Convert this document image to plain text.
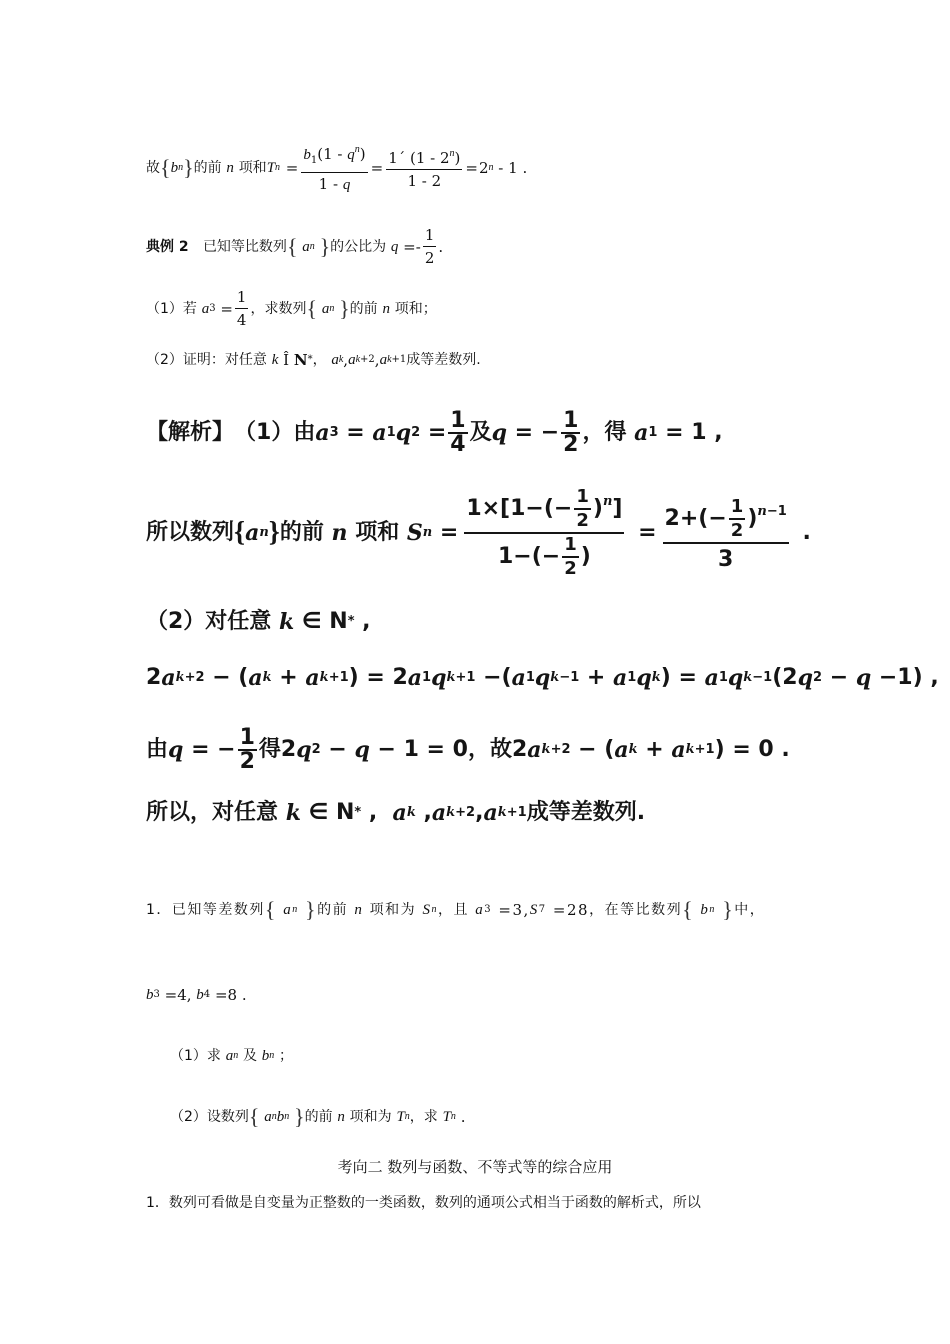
故 { b n } 的前
n
项和 T $n = \frac{b_1(1 - q^n)}{1 - q} = \frac{1´ (1 - 2^n)}{1 - 2} = 2$ n - 1 .
典例 2
已知等比数列 {
a n
} 的公比为
$q =- \frac{1}{2}$ .
（1）若
a $3 = \frac{1}{4}$ ，求数列 {
a n
} 的前
n
项和；
（2）证明：对任意
k Î N * ，
a k , a k+2 , a k+1 成等差数列.
【解析】 （1）由 a 3 = a 1 q $2 = \frac{1}{4}$ 及 q = − $\frac{1}{2}$ ，得
a 1 = 1 ,
所以数列 { a n } 的前
n
项和
S $n = \frac{1\times[1-(- \frac{1}{2} )^n]}{1-(- \frac{1}{2} )} = \frac{2+(- \frac{1}{2} )^{n-1}}{3}$ .
（2）对任意
k ∈ N * ,
2 a k+2 − ( a k + a k+1 ) = 2 a 1 q k+1 −( a 1 q k−1 + a 1 q k ) = a 1 q k−1 (2 q 2 − q −1) ,
由 q = − $\frac{1}{2}$ 得 2 q 2 − q − 1 = 0 ，故 2 a k+2 − ( a k + a k+1 ) = 0 .
所以，对任意
k ∈ N * , a k , a k+2 , a k+1 成等差数列.
1．已知等差数列 {
a n
} 的前
n
项和为
S n ，且
a 3 =3, S 7 =28 ，在等比数列 {
b n
} 中，
b 3 =4, b 4 =8 .
（1）求
a n
及
b n
；
（2）设数列 {
a n b n
} 的前
n
项和为
T n ，求
T n .
考向二 数列与函数、不等式等的综合应用
1．数列可看做是自变量为正整数的一类函数，数列的通项公式相当于函数的解析式，所以
